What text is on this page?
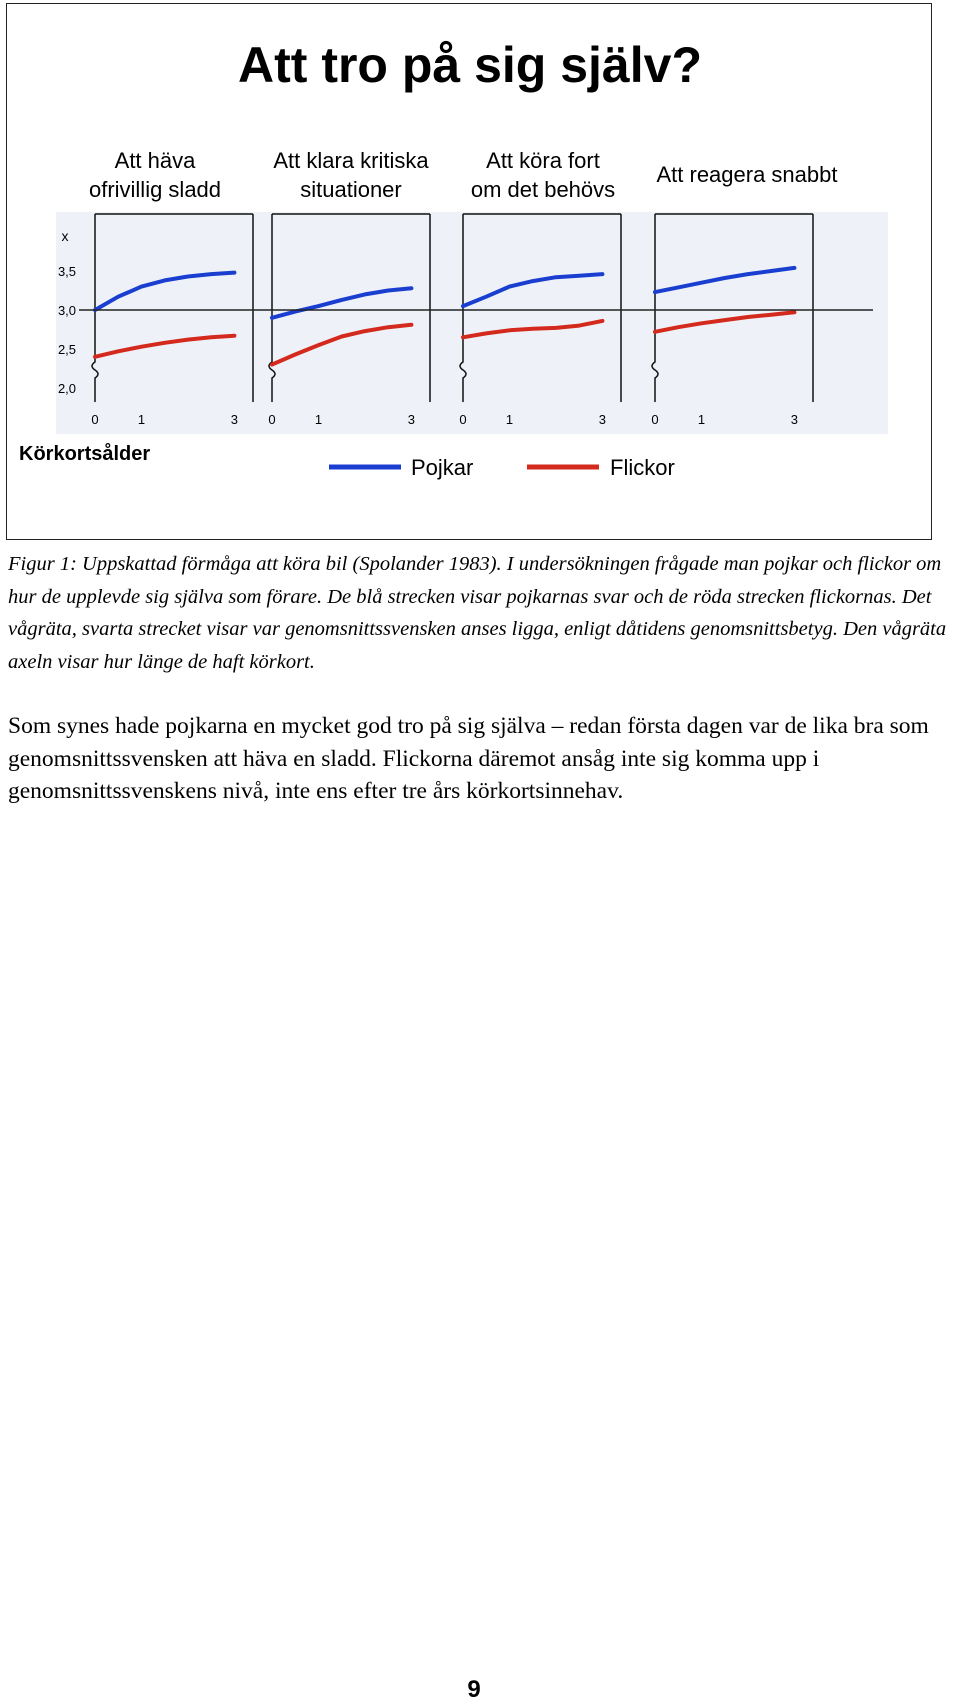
Att tro på sig själv?
Att häva
ofrivillig sladd
0	1	3
Att klara kritiska
situationer
0	1	3
Att köra fort
om det behövs
0	1	3
Att reagera snabbt
0	1	3
3,5
3,0
2,5
2,0
x
Körkortsålder
Pojkar	Flickor
Figur 1: Uppskattad förmåga att köra bil (Spolander 1983). I undersökningen frågade man pojkar och flickor om hur de upplevde sig själva som förare. De blå strecken visar pojkarnas svar och de röda strecken flickornas. Det vågräta, svarta strecket visar var genomsnittssvensken anses ligga, enligt dåtidens genomsnittsbetyg. Den vågräta axeln visar hur länge de haft körkort.
Som synes hade pojkarna en mycket god tro på sig själva – redan första dagen var de lika bra som genomsnittssvensken att häva en sladd. Flickorna däremot ansåg inte sig komma upp i genomsnittssvenskens nivå, inte ens efter tre års körkortsinnehav.
9
